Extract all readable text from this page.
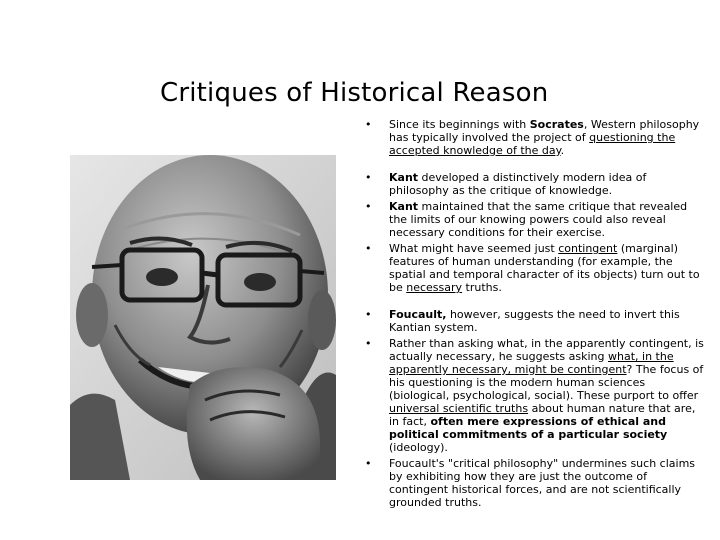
Critiques of Historical Reason
• Since its beginnings with Socrates, Western philosophy has typically involved the project of questioning the accepted knowledge of the day.
• Kant developed a distinctively modern idea of philosophy as the critique of knowledge.
• Kant maintained that the same critique that revealed the limits of our knowing powers could also reveal necessary conditions for their exercise.
• What might have seemed just contingent (marginal) features of human understanding (for example, the spatial and temporal character of its objects) turn out to be necessary truths.
• Foucault, however, suggests the need to invert this Kantian system.
• Rather than asking what, in the apparently contingent, is actually necessary, he suggests asking what, in the apparently necessary, might be contingent? The focus of his questioning is the modern human sciences (biological, psychological, social). These purport to offer universal scientific truths about human nature that are, in fact, often mere expressions of ethical and political commitments of a particular society (ideology).
• Foucault's "critical philosophy" undermines such claims by exhibiting how they are just the outcome of contingent historical forces, and are not scientifically grounded truths.
